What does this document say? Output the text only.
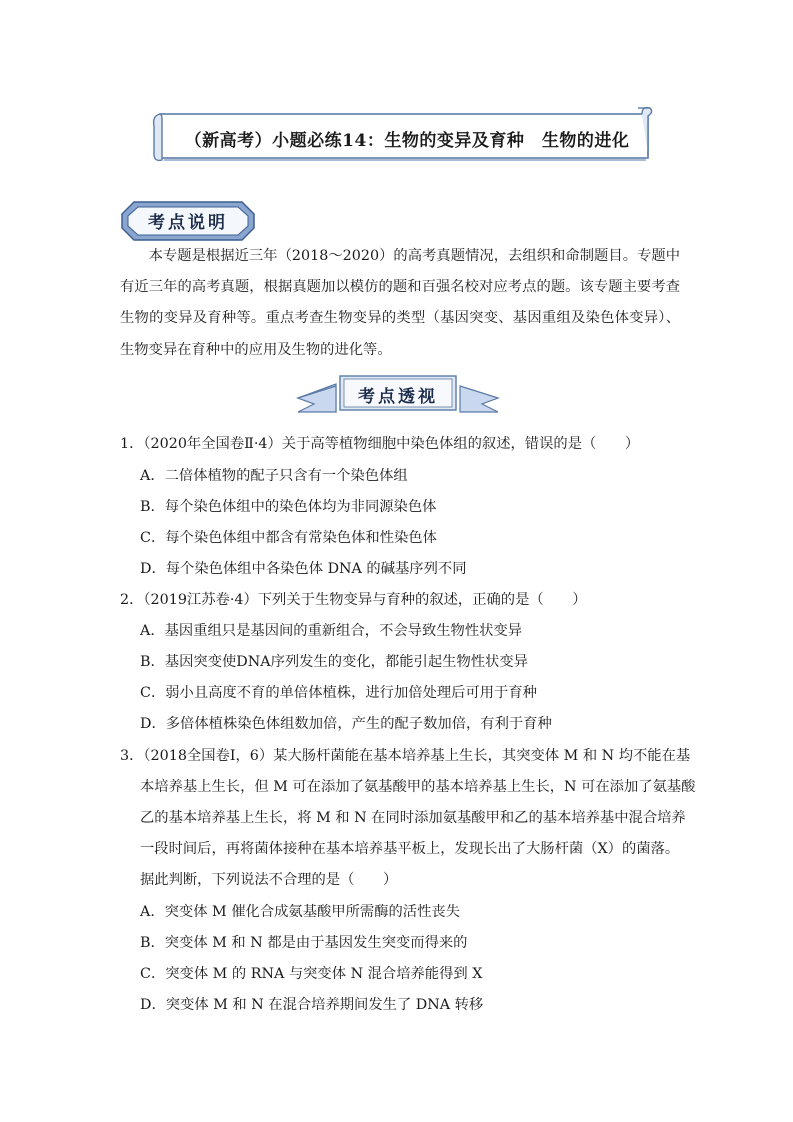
（新高考）小题必练14：生物的变异及育种　生物的进化
考点说明

本专题是根据近三年（2018～2020）的高考真题情况，去组织和命制题目。专题中有近三年的高考真题，根据真题加以模仿的题和百强名校对应考点的题。该专题主要考查生物的变异及育种等。重点考查生物变异的类型（基因突变、基因重组及染色体变异）、生物变异在育种中的应用及生物的进化等。

考点透视
1．（2020年全国卷Ⅱ·4）关于高等植物细胞中染色体组的叙述，错误的是（　　）
A．二倍体植物的配子只含有一个染色体组
B．每个染色体组中的染色体均为非同源染色体
C．每个染色体组中都含有常染色体和性染色体
D．每个染色体组中各染色体 DNA 的碱基序列不同
2．（2019江苏卷·4）下列关于生物变异与育种的叙述，正确的是（　　）
A．基因重组只是基因间的重新组合，不会导致生物性状变异
B．基因突变使DNA序列发生的变化，都能引起生物性状变异
C．弱小且高度不育的单倍体植株，进行加倍处理后可用于育种
D．多倍体植株染色体组数加倍，产生的配子数加倍，有利于育种
3．（2018全国卷Ⅰ，6）某大肠杆菌能在基本培养基上生长，其突变体 M 和 N 均不能在基
本培养基上生长，但 M 可在添加了氨基酸甲的基本培养基上生长，N 可在添加了氨基酸
乙的基本培养基上生长，将 M 和 N 在同时添加氨基酸甲和乙的基本培养基中混合培养
一段时间后，再将菌体接种在基本培养基平板上，发现长出了大肠杆菌（X）的菌落。
据此判断，下列说法不合理的是（　　）
A．突变体 M 催化合成氨基酸甲所需酶的活性丧失
B．突变体 M 和 N 都是由于基因发生突变而得来的
C．突变体 M 的 RNA 与突变体 N 混合培养能得到 X
D．突变体 M 和 N 在混合培养期间发生了 DNA 转移
